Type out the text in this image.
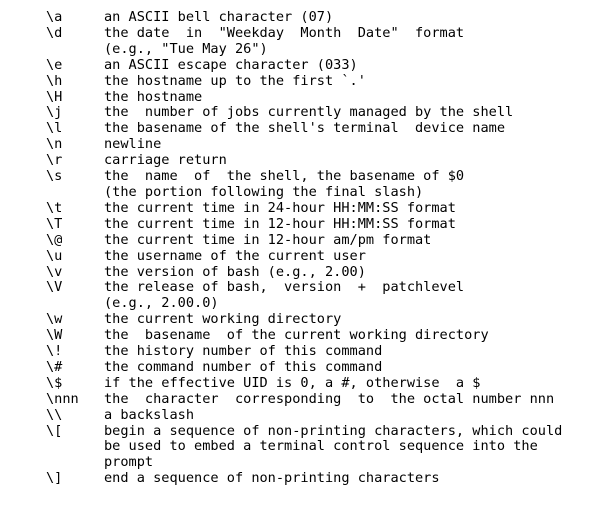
\a	an ASCII bell character (07)
\d	the date  in  "Weekday  Month  Date"  format
(e.g., "Tue May 26")
\e	an ASCII escape character (033)
\h	the hostname up to the first `.'
\H	the hostname
\j	the  number of jobs currently managed by the shell
\l	the basename of the shell's terminal  device name
\n	newline
\r	carriage return
\s	the  name  of  the shell, the basename of $0
(the portion following the final slash)
\t	the current time in 24-hour HH:MM:SS format
\T	the current time in 12-hour HH:MM:SS format
\@	the current time in 12-hour am/pm format
\u	the username of the current user
\v	the version of bash (e.g., 2.00)
\V	the release of bash,  version  +  patchlevel
(e.g., 2.00.0)
\w	the current working directory
\W	the  basename  of the current working directory
\!	the history number of this command
\#	the command number of this command
\$	if the effective UID is 0, a #, otherwise  a $
\nnn	the  character  corresponding  to  the octal number nnn
\\	a backslash
\[	begin a sequence of non-printing characters, which could
be used to embed a terminal control sequence into the
prompt
\]	end a sequence of non-printing characters
